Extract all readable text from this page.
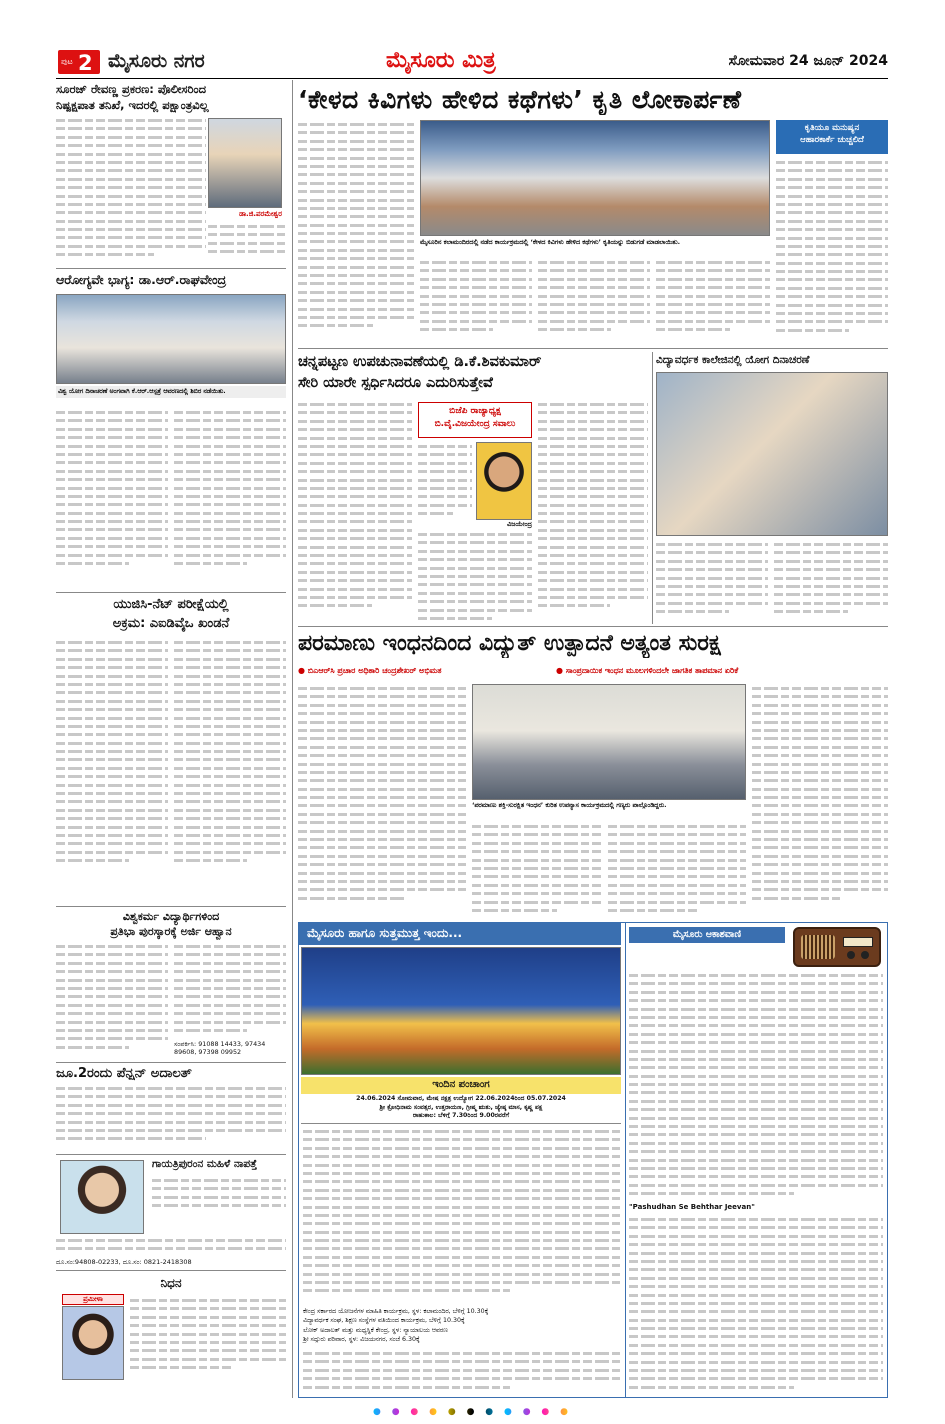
ಪುಟ 2 ಮೈಸೂರು ನಗರ	ಮೈಸೂರು ಮಿತ್ರ	ಸೋಮವಾರ 24 ಜೂನ್ 2024
ಸೂರಜ್ ರೇವಣ್ಣ ಪ್ರಕರಣ: ಪೊಲೀಸರಿಂದ
ನಿಷ್ಪಕ್ಷಪಾತ ತನಿಖೆ, ಇದರಲ್ಲಿ ಪಕ್ಷಾಂತ್ರವಿಲ್ಲ
ಡಾ.ಜಿ.ಪರಮೇಶ್ವರ
ಆರೋಗ್ಯವೇ ಭಾಗ್ಯ: ಡಾ.ಆರ್.ರಾಘವೇಂದ್ರ
ವಿಶ್ವ ಯೋಗ ದಿನಾಚರಣೆ ಅಂಗವಾಗಿ ಕೆ.ಆರ್.ಆಸ್ಪತ್ರೆ ಆವರಣದಲ್ಲಿ ಶಿಬಿರ ನಡೆಯಿತು.
ಯುಜಿಸಿ-ನೆಟ್ ಪರೀಕ್ಷೆಯಲ್ಲಿ
ಅಕ್ರಮ: ಎಐಡಿವೈಒ ಖಂಡನೆ
ವಿಶ್ವಕರ್ಮ ವಿದ್ಯಾರ್ಥಿಗಳಿಂದ
ಪ್ರತಿಭಾ ಪುರಸ್ಕಾರಕ್ಕೆ ಅರ್ಜಿ ಆಹ್ವಾನ
ಸಂಪರ್ಕಿಸಿ: 91088 14433, 97434 89608, 97398 09952
ಜೂ.2ರಂದು ಪೆನ್ಷನ್ ಅದಾಲತ್
ಗಾಯತ್ರಿಪುರಂನ ಮಹಿಳೆ ನಾಪತ್ತೆ
ದೂ.ಸಂ:94808-02233, ದೂ.ಸಂ: 0821-2418308
ನಿಧನ
ಪ್ರಮೀಳಾ
‘ಕೇಳದ ಕಿವಿಗಳು ಹೇಳಿದ ಕಥೆಗಳು’ ಕೃತಿ ಲೋಕಾರ್ಪಣೆ
ಮೈಸೂರಿನ ಕಲಾಮಂದಿರದಲ್ಲಿ ನಡೆದ ಕಾರ್ಯಕ್ರಮದಲ್ಲಿ ‘ಕೇಳದ ಕಿವಿಗಳು ಹೇಳಿದ ಕಥೆಗಳು’ ಕೃತಿಯನ್ನು ಬಿಡುಗಡೆ ಮಾಡಲಾಯಿತು.
ಕೃತಿಯೂ ಮನುಷ್ಯನ
ಆಹಾರಕಾರ್ಕೆ ಚುಚ್ಚಲಿದೆ
ಚನ್ನಪಟ್ಟಣ ಉಪಚುನಾವಣೆಯಲ್ಲಿ ಡಿ.ಕೆ.ಶಿವಕುಮಾರ್
ಸೇರಿ ಯಾರೇ ಸ್ಪರ್ಧಿಸಿದರೂ ಎದುರಿಸುತ್ತೇವೆ
ಬಿಜೆಪಿ ರಾಜ್ಯಾಧ್ಯಕ್ಷ
ಬಿ.ವೈ.ವಿಜಯೇಂದ್ರ ಸವಾಲು
ವಿಜಯೇಂದ್ರ
ವಿದ್ಯಾವರ್ಧಕ ಕಾಲೇಜಿನಲ್ಲಿ ಯೋಗ ದಿನಾಚರಣೆ
ಪರಮಾಣು ಇಂಧನದಿಂದ ವಿದ್ಯುತ್ ಉತ್ಪಾದನೆ ಅತ್ಯಂತ ಸುರಕ್ಷ
● ಬಿಎಆರ್‌ಸಿ ಪ್ರಚಾರ ಅಧಿಕಾರಿ ಚಂದ್ರಶೇಖರ್ ಅಭಿಮತ	● ಸಾಂಪ್ರದಾಯಿಕ ಇಂಧನ ಮೂಲಗಳಿಂದಲೇ ಜಾಗತಿಕ ತಾಪಮಾನ ಏರಿಕೆ
‘ಪರಮಾಣು ಶಕ್ತಿ-ಸುರಕ್ಷಿತ ಇಂಧನ’ ಕುರಿತ ಉಪನ್ಯಾಸ ಕಾರ್ಯಕ್ರಮದಲ್ಲಿ ಗಣ್ಯರು ಪಾಲ್ಗೊಂಡಿದ್ದರು.
ಮೈಸೂರು ಹಾಗೂ ಸುತ್ತಮುತ್ತ ಇಂದು...
ಇಂದಿನ ಪಂಚಾಂಗ
24.06.2024 ಸೋಮವಾರ, ಮೇಷ ನಕ್ಷತ್ರ ಉದ್ಯೋಗ 22.06.2024ರಿಂದ 05.07.2024
ಶ್ರೀ ಕ್ರೋಧಿನಾಮ ಸಂವತ್ಸರ, ಉತ್ತರಾಯಣ, ಗ್ರೀಷ್ಮ ಋತು, ಜ್ಯೇಷ್ಠ ಮಾಸ, ಕೃಷ್ಣ ಪಕ್ಷ
ರಾಹುಕಾಲ: ಬೆಳಿಗ್ಗೆ 7.30ರಿಂದ 9.00ರವರೆಗೆ
ಕೇಂದ್ರ ಸರ್ಕಾರದ ಯೋಜನೆಗಳ ಮಾಹಿತಿ ಕಾರ್ಯಕ್ರಮ, ಸ್ಥಳ: ಕಲಾಮಂದಿರ, ಬೆಳಿಗ್ಗೆ 10.30ಕ್ಕೆ
ವಿದ್ಯಾವರ್ಧಕ ಸಂಘ, ಶಿಕ್ಷಣ ಸಂಸ್ಥೆಗಳ ವತಿಯಿಂದ ಕಾರ್ಯಕ್ರಮ, ಬೆಳಿಗ್ಗೆ 10.30ಕ್ಕೆ
ಲೋಕ್ ಅದಾಲತ್ ಮತ್ತು ಮಧ್ಯಸ್ಥಿಕೆ ಕೇಂದ್ರ, ಸ್ಥಳ: ನ್ಯಾಯಾಲಯ ಆವರಣ
ಶ್ರೀ ಸದ್ಗುರು ಪರಿವಾರ, ಸ್ಥಳ: ವಿಜಯನಗರ, ಸಂಜೆ 6.30ಕ್ಕೆ
ಮೈಸೂರು ಆಕಾಶವಾಣಿ
"Pashudhan Se Behthar Jeevan"
● ● ● ● ● ● ● ● ● ● ●
